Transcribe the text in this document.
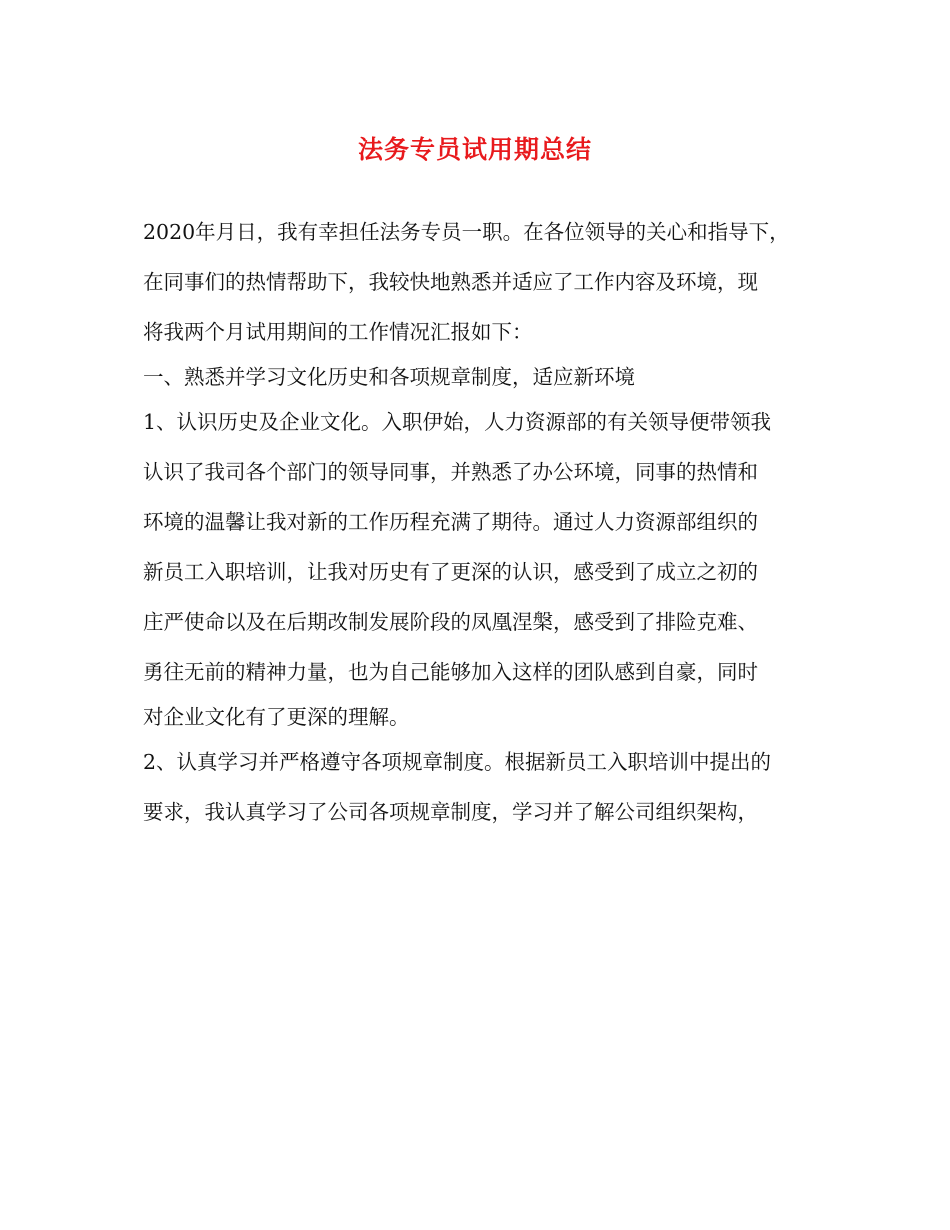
法务专员试用期总结
2020年月日，我有幸担任法务专员一职。在各位领导的关心和指导下，
在同事们的热情帮助下，我较快地熟悉并适应了工作内容及环境，现
将我两个月试用期间的工作情况汇报如下：
一、熟悉并学习文化历史和各项规章制度，适应新环境
1、认识历史及企业文化。入职伊始，人力资源部的有关领导便带领我
认识了我司各个部门的领导同事，并熟悉了办公环境，同事的热情和
环境的温馨让我对新的工作历程充满了期待。通过人力资源部组织的
新员工入职培训，让我对历史有了更深的认识，感受到了成立之初的
庄严使命以及在后期改制发展阶段的凤凰涅槃，感受到了排险克难、
勇往无前的精神力量，也为自己能够加入这样的团队感到自豪，同时
对企业文化有了更深的理解。
2、认真学习并严格遵守各项规章制度。根据新员工入职培训中提出的
要求，我认真学习了公司各项规章制度，学习并了解公司组织架构，
